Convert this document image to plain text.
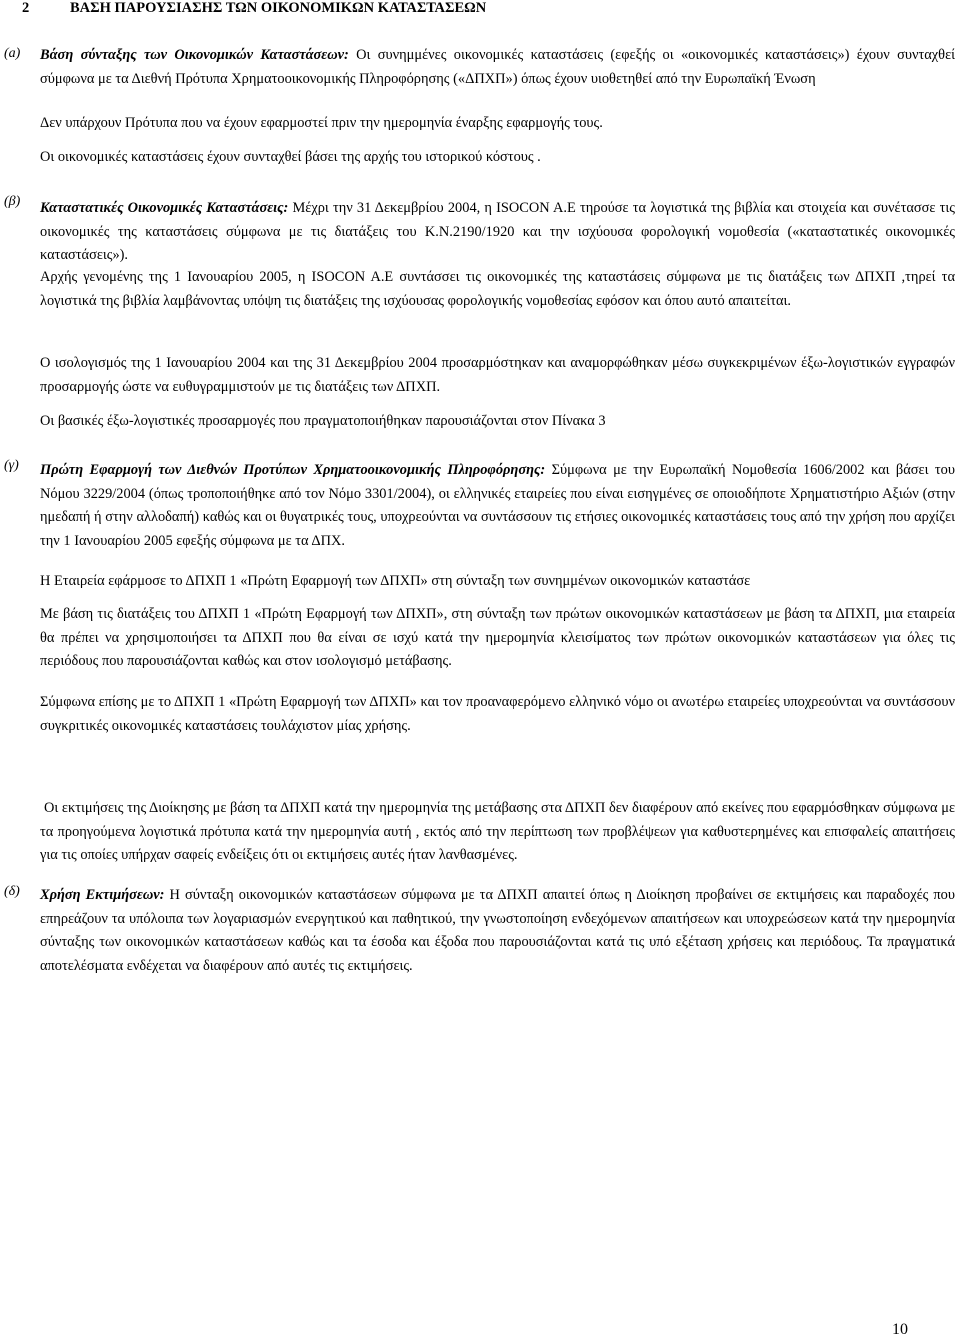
2	ΒΑΣΗ ΠΑΡΟΥΣΙΑΣΗΣ ΤΩΝ ΟΙΚΟΝΟΜΙΚΩΝ ΚΑΤΑΣΤΑΣΕΩΝ
(a) Βάση σύνταξης των Οικονομικών Καταστάσεων: Οι συνημμένες οικονομικές καταστάσεις (εφεξής οι «οικονομικές καταστάσεις») έχουν συνταχθεί σύμφωνα με τα Διεθνή Πρότυπα Χρηματοοικονομικής Πληροφόρησης («ΔΠΧΠ») όπως έχουν υιοθετηθεί από την Ευρωπαϊκή Ένωση

Δεν υπάρχουν Πρότυπα που να έχουν εφαρμοστεί πριν την ημερομηνία έναρξης εφαρμογής τους.

Οι οικονομικές καταστάσεις έχουν συνταχθεί βάσει της αρχής του ιστορικού κόστους .

(β) Καταστατικές Οικονομικές Καταστάσεις: Μέχρι την 31 Δεκεμβρίου 2004, η ISOCON A.E τηρούσε τα λογιστικά της βιβλία και στοιχεία και συνέτασσε τις οικονομικές της καταστάσεις σύμφωνα με τις διατάξεις του Κ.Ν.2190/1920 και την ισχύουσα φορολογική νομοθεσία («καταστατικές οικονομικές καταστάσεις»).

Αρχής γενομένης της 1 Ιανουαρίου 2005, η ISOCON A.E συντάσσει τις οικονομικές της καταστάσεις σύμφωνα με τις διατάξεις των ΔΠΧΠ ,τηρεί τα λογιστικά της βιβλία λαμβάνοντας υπόψη τις διατάξεις της ισχύουσας φορολογικής νομοθεσίας εφόσον και όπου αυτό απαιτείται.

Ο ισολογισμός της 1 Ιανουαρίου 2004 και της 31 Δεκεμβρίου 2004 προσαρμόστηκαν και αναμορφώθηκαν μέσω συγκεκριμένων έξω-λογιστικών εγγραφών προσαρμογής ώστε να ευθυγραμμιστούν με τις διατάξεις των ΔΠΧΠ.

Οι βασικές έξω-λογιστικές προσαρμογές που πραγματοποιήθηκαν παρουσιάζονται στον Πίνακα 3

(γ) Πρώτη Εφαρμογή των Διεθνών Προτύπων Χρηματοοικονομικής Πληροφόρησης: Σύμφωνα με την Ευρωπαϊκή Νομοθεσία 1606/2002 και βάσει του Νόμου 3229/2004 (όπως τροποποιήθηκε από τον Νόμο 3301/2004), οι ελληνικές εταιρείες που είναι εισηγμένες σε οποιοδήποτε Χρηματιστήριο Αξιών (στην ημεδαπή ή στην αλλοδαπή) καθώς και οι θυγατρικές τους, υποχρεούνται να συντάσσουν τις ετήσιες οικονομικές καταστάσεις τους από την χρήση που αρχίζει την 1 Ιανουαρίου 2005 εφεξής σύμφωνα με τα ΔΠΧ.

Η Εταιρεία εφάρμοσε το ΔΠΧΠ 1 «Πρώτη Εφαρμογή των ΔΠΧΠ» στη σύνταξη των συνημμένων οικονομικών καταστάσε

Με βάση τις διατάξεις του ΔΠΧΠ 1 «Πρώτη Εφαρμογή των ΔΠΧΠ», στη σύνταξη των πρώτων οικονομικών καταστάσεων με βάση τα ΔΠΧΠ, μια εταιρεία θα πρέπει να χρησιμοποιήσει τα ΔΠΧΠ που θα είναι σε ισχύ κατά την ημερομηνία κλεισίματος των πρώτων οικονομικών καταστάσεων για όλες τις περιόδους που παρουσιάζονται καθώς και στον ισολογισμό μετάβασης.

Σύμφωνα επίσης με το ΔΠΧΠ 1 «Πρώτη Εφαρμογή των ΔΠΧΠ» και τον προαναφερόμενο ελληνικό νόμο οι ανωτέρω εταιρείες υποχρεούνται να συντάσσουν συγκριτικές οικονομικές καταστάσεις τουλάχιστον μίας χρήσης.

Οι εκτιμήσεις της Διοίκησης με βάση τα ΔΠΧΠ κατά την ημερομηνία της μετάβασης στα ΔΠΧΠ δεν διαφέρουν από εκείνες που εφαρμόσθηκαν σύμφωνα με τα προηγούμενα λογιστικά πρότυπα κατά την ημερομηνία αυτή , εκτός από την περίπτωση των προβλέψεων για καθυστερημένες και επισφαλείς απαιτήσεις για τις οποίες υπήρχαν σαφείς ενδείξεις ότι οι εκτιμήσεις αυτές ήταν λανθασμένες.

(δ) Χρήση Εκτιμήσεων: Η σύνταξη οικονομικών καταστάσεων σύμφωνα με τα ΔΠΧΠ απαιτεί όπως η Διοίκηση προβαίνει σε εκτιμήσεις και παραδοχές που επηρεάζουν τα υπόλοιπα των λογαριασμών ενεργητικού και παθητικού, την γνωστοποίηση ενδεχόμενων απαιτήσεων και υποχρεώσεων κατά την ημερομηνία σύνταξης των οικονομικών καταστάσεων καθώς και τα έσοδα και έξοδα που παρουσιάζονται κατά τις υπό εξέταση χρήσεις και περιόδους. Τα πραγματικά αποτελέσματα ενδέχεται να διαφέρουν από αυτές τις εκτιμήσεις.

10
